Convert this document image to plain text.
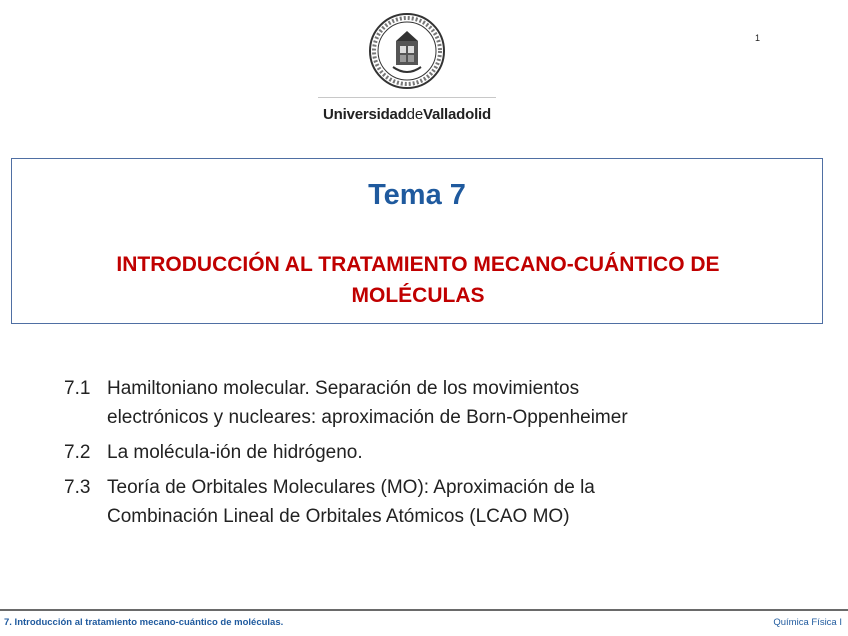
UniversidaddeValladolid
1
Tema 7
INTRODUCCIÓN AL TRATAMIENTO MECANO-CUÁNTICO DE
MOLÉCULAS
7.1 Hamiltoniano molecular. Separación de los movimientos
electrónicos y nucleares: aproximación de Born-Oppenheimer
7.2 La molécula-ión de hidrógeno.
7.3 Teoría de Orbitales Moleculares (MO): Aproximación de la
Combinación Lineal de Orbitales Atómicos (LCAO MO)
7. Introducción al tratamiento mecano-cuántico de moléculas.	Química Física I
